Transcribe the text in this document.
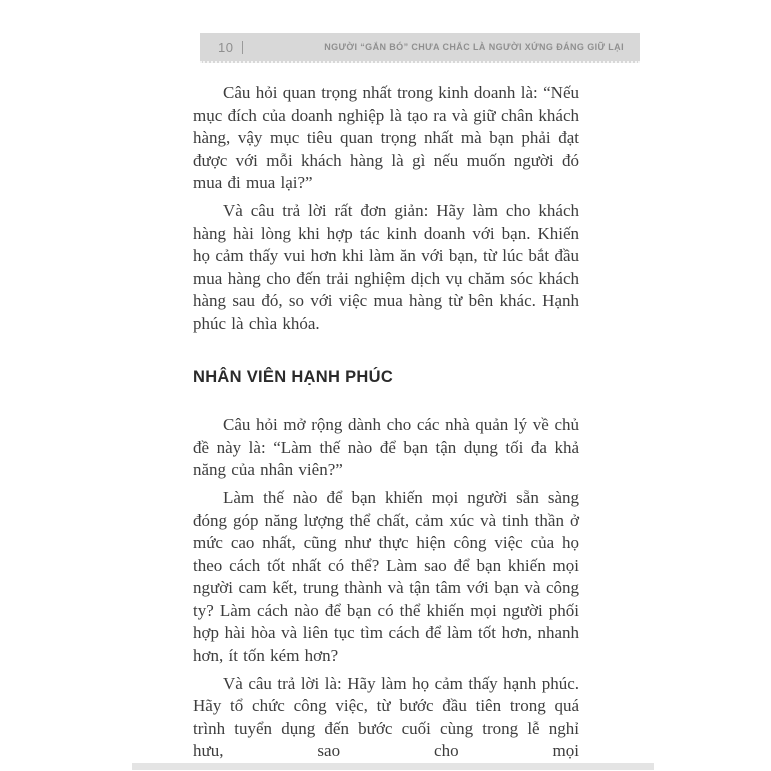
10	NGƯỜI “GẮN BÓ” CHƯA CHẮC LÀ NGƯỜI XỨNG ĐÁNG GIỮ LẠI

Câu hỏi quan trọng nhất trong kinh doanh là: “Nếu mục đích của doanh nghiệp là tạo ra và giữ chân khách hàng, vậy mục tiêu quan trọng nhất mà bạn phải đạt được với mỗi khách hàng là gì nếu muốn người đó mua đi mua lại?”

Và câu trả lời rất đơn giản: Hãy làm cho khách hàng hài lòng khi hợp tác kinh doanh với bạn. Khiến họ cảm thấy vui hơn khi làm ăn với bạn, từ lúc bắt đầu mua hàng cho đến trải nghiệm dịch vụ chăm sóc khách hàng sau đó, so với việc mua hàng từ bên khác. Hạnh phúc là chìa khóa.

NHÂN VIÊN HẠNH PHÚC

Câu hỏi mở rộng dành cho các nhà quản lý về chủ đề này là: “Làm thế nào để bạn tận dụng tối đa khả năng của nhân viên?”

Làm thế nào để bạn khiến mọi người sẵn sàng đóng góp năng lượng thể chất, cảm xúc và tinh thần ở mức cao nhất, cũng như thực hiện công việc của họ theo cách tốt nhất có thể? Làm sao để bạn khiến mọi người cam kết, trung thành và tận tâm với bạn và công ty? Làm cách nào để bạn có thể khiến mọi người phối hợp hài hòa và liên tục tìm cách để làm tốt hơn, nhanh hơn, ít tốn kém hơn?

Và câu trả lời là: Hãy làm họ cảm thấy hạnh phúc. Hãy tổ chức công việc, từ bước đầu tiên trong quá trình tuyển dụng đến bước cuối cùng trong lễ nghỉ hưu, sao cho mọi
